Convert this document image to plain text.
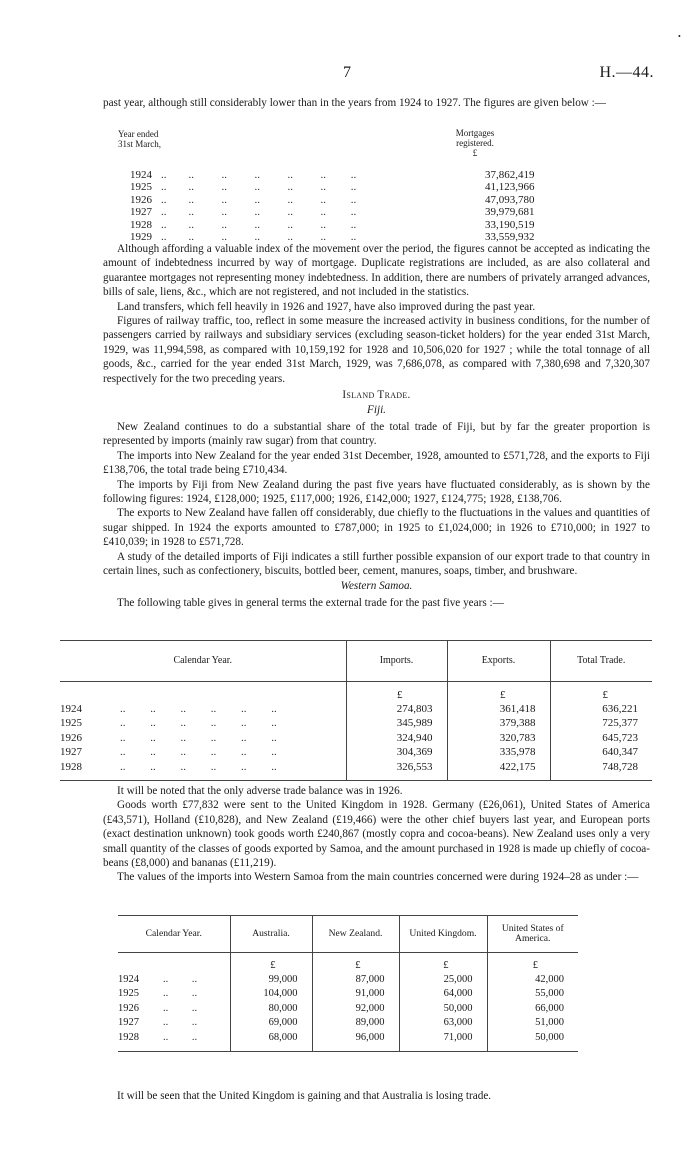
•
7	H.—44.

past year, although still considerably lower than in the years from 1924 to 1927. The figures are given below :—

Year ended
31st March,
Mortgages
registered.
£
1924 ..        ..          ..          ..          ..          ..         ..	37,862,419
1925 ..        ..          ..          ..          ..          ..         ..	41,123,966
1926 ..        ..          ..          ..          ..          ..         ..	47,093,780
1927 ..        ..          ..          ..          ..          ..         ..	39,979,681
1928 ..        ..          ..          ..          ..          ..         ..	33,190,519
1929 ..        ..          ..          ..          ..          ..         ..	33,559,932

Although affording a valuable index of the movement over the period, the figures cannot be accepted as indicating the amount of indebtedness incurred by way of mortgage. Duplicate registrations are included, as are also collateral and guarantee mortgages not representing money indebtedness. In addition, there are numbers of privately arranged advances, bills of sale, liens, &c., which are not registered, and not included in the statistics.

Land transfers, which fell heavily in 1926 and 1927, have also improved during the past year.

Figures of railway traffic, too, reflect in some measure the increased activity in business conditions, for the number of passengers carried by railways and subsidiary services (excluding season-ticket holders) for the year ended 31st March, 1929, was 11,994,598, as compared with 10,159,192 for 1928 and 10,506,020 for 1927 ; while the total tonnage of all goods, &c., carried for the year ended 31st March, 1929, was 7,686,078, as compared with 7,380,698 and 7,320,307 respectively for the two preceding years.

Island Trade.

Fiji.

New Zealand continues to do a substantial share of the total trade of Fiji, but by far the greater proportion is represented by imports (mainly raw sugar) from that country.

The imports into New Zealand for the year ended 31st December, 1928, amounted to £571,728, and the exports to Fiji £138,706, the total trade being £710,434.

The imports by Fiji from New Zealand during the past five years have fluctuated considerably, as is shown by the following figures: 1924, £128,000; 1925, £117,000; 1926, £142,000; 1927, £124,775; 1928, £138,706.

The exports to New Zealand have fallen off considerably, due chiefly to the fluctuations in the values and quantities of sugar shipped. In 1924 the exports amounted to £787,000; in 1925 to £1,024,000; in 1926 to £710,000; in 1927 to £410,039; in 1928 to £571,728.

A study of the detailed imports of Fiji indicates a still further possible expansion of our export trade to that country in certain lines, such as confectionery, biscuits, bottled beer, cement, manures, soaps, timber, and brushware.

Western Samoa.

The following table gives in general terms the external trade for the past five years :—

Calendar Year.	Imports.	Exports.	Total Trade.
	£	£	£
1924 ..         ..         ..         ..         ..         ..	274,803	361,418	636,221
1925 ..         ..         ..         ..         ..         ..	345,989	379,388	725,377
1926 ..         ..         ..         ..         ..         ..	324,940	320,783	645,723
1927 ..         ..         ..         ..         ..         ..	304,369	335,978	640,347
1928 ..         ..         ..         ..         ..         ..	326,553	422,175	748,728

It will be noted that the only adverse trade balance was in 1926.

Goods worth £77,832 were sent to the United Kingdom in 1928. Germany (£26,061), United States of America (£43,571), Holland (£10,828), and New Zealand (£19,466) were the other chief buyers last year, and European ports (exact destination unknown) took goods worth £240,867 (mostly copra and cocoa-beans). New Zealand uses only a very small quantity of the classes of goods exported by Samoa, and the amount purchased in 1928 is made up chiefly of cocoa-beans (£8,000) and bananas (£11,219).

The values of the imports into Western Samoa from the main countries concerned were during 1924–28 as under :—

Calendar Year.	Australia.	New Zealand.	United Kingdom.	United States of America.
	£	£	£	£
1924 ..         ..	99,000	87,000	25,000	42,000
1925 ..         ..	104,000	91,000	64,000	55,000
1926 ..         ..	80,000	92,000	50,000	66,000
1927 ..         ..	69,000	89,000	63,000	51,000
1928 ..         ..	68,000	96,000	71,000	50,000

It will be seen that the United Kingdom is gaining and that Australia is losing trade.
